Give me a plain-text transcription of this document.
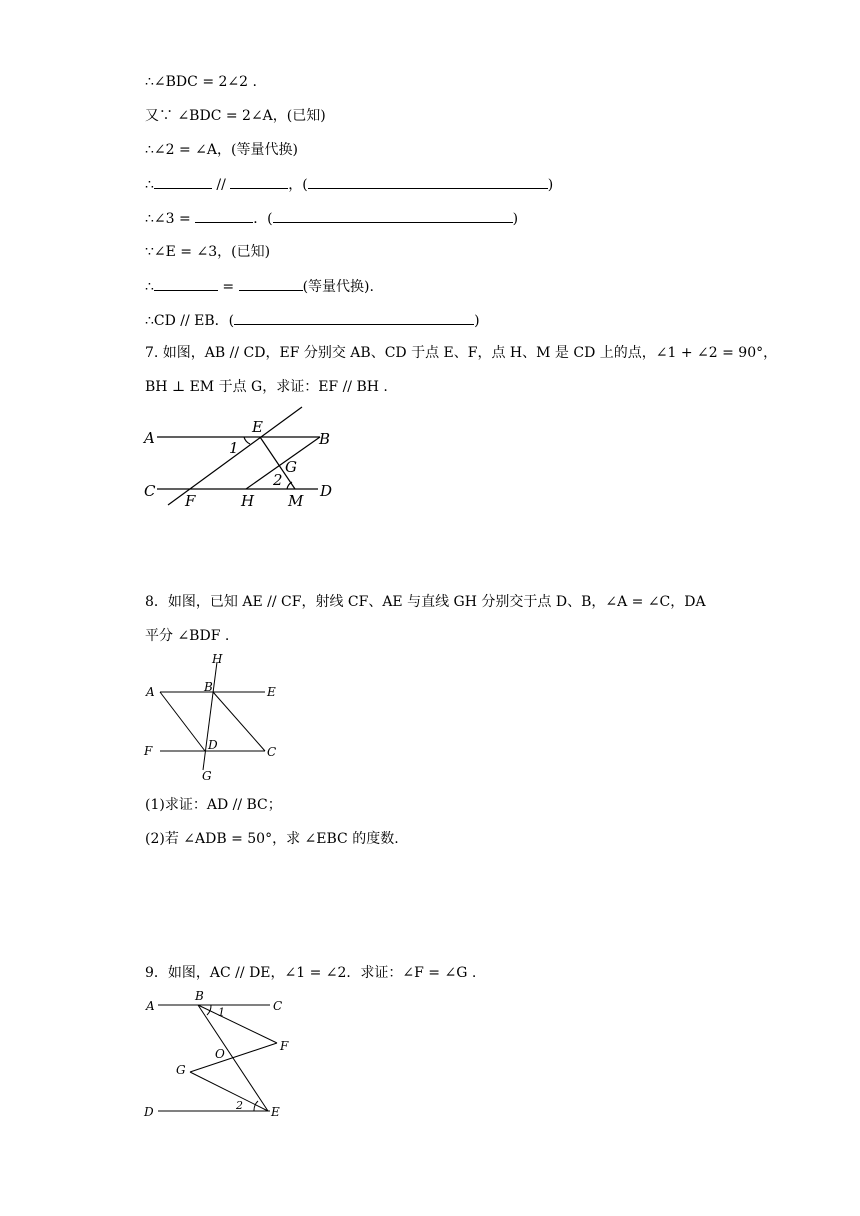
∴∠BDC = 2∠2 .
又∵ ∠BDC = 2∠A，(已知)
∴∠2 = ∠A，(等量代换)
∴	//	，(	)
∴∠3 =	．(	)
∵∠E = ∠3，(已知)
∴	=	(等量代换).
∴CD // EB．(	)
7. 如图，AB // CD，EF 分别交 AB、CD 于点 E、F，点 H、M 是 CD 上的点，∠1 + ∠2 = 90°，
BH ⊥ EM 于点 G，求证：EF // BH .
A	B
C	D
E
F
G
H M
1
2
8．如图，已知 AE // CF，射线 CF、AE 与直线 GH 分别交于点 D、B，∠A = ∠C，DA
平分 ∠BDF .
H
A	B	E
F	D	C
G
(1)求证：AD // BC；
(2)若 ∠ADB = 50°，求 ∠EBC 的度数.
9．如图，AC // DE，∠1 = ∠2．求证：∠F = ∠G .
A
B
C
F
O
G
D	E
1
2
